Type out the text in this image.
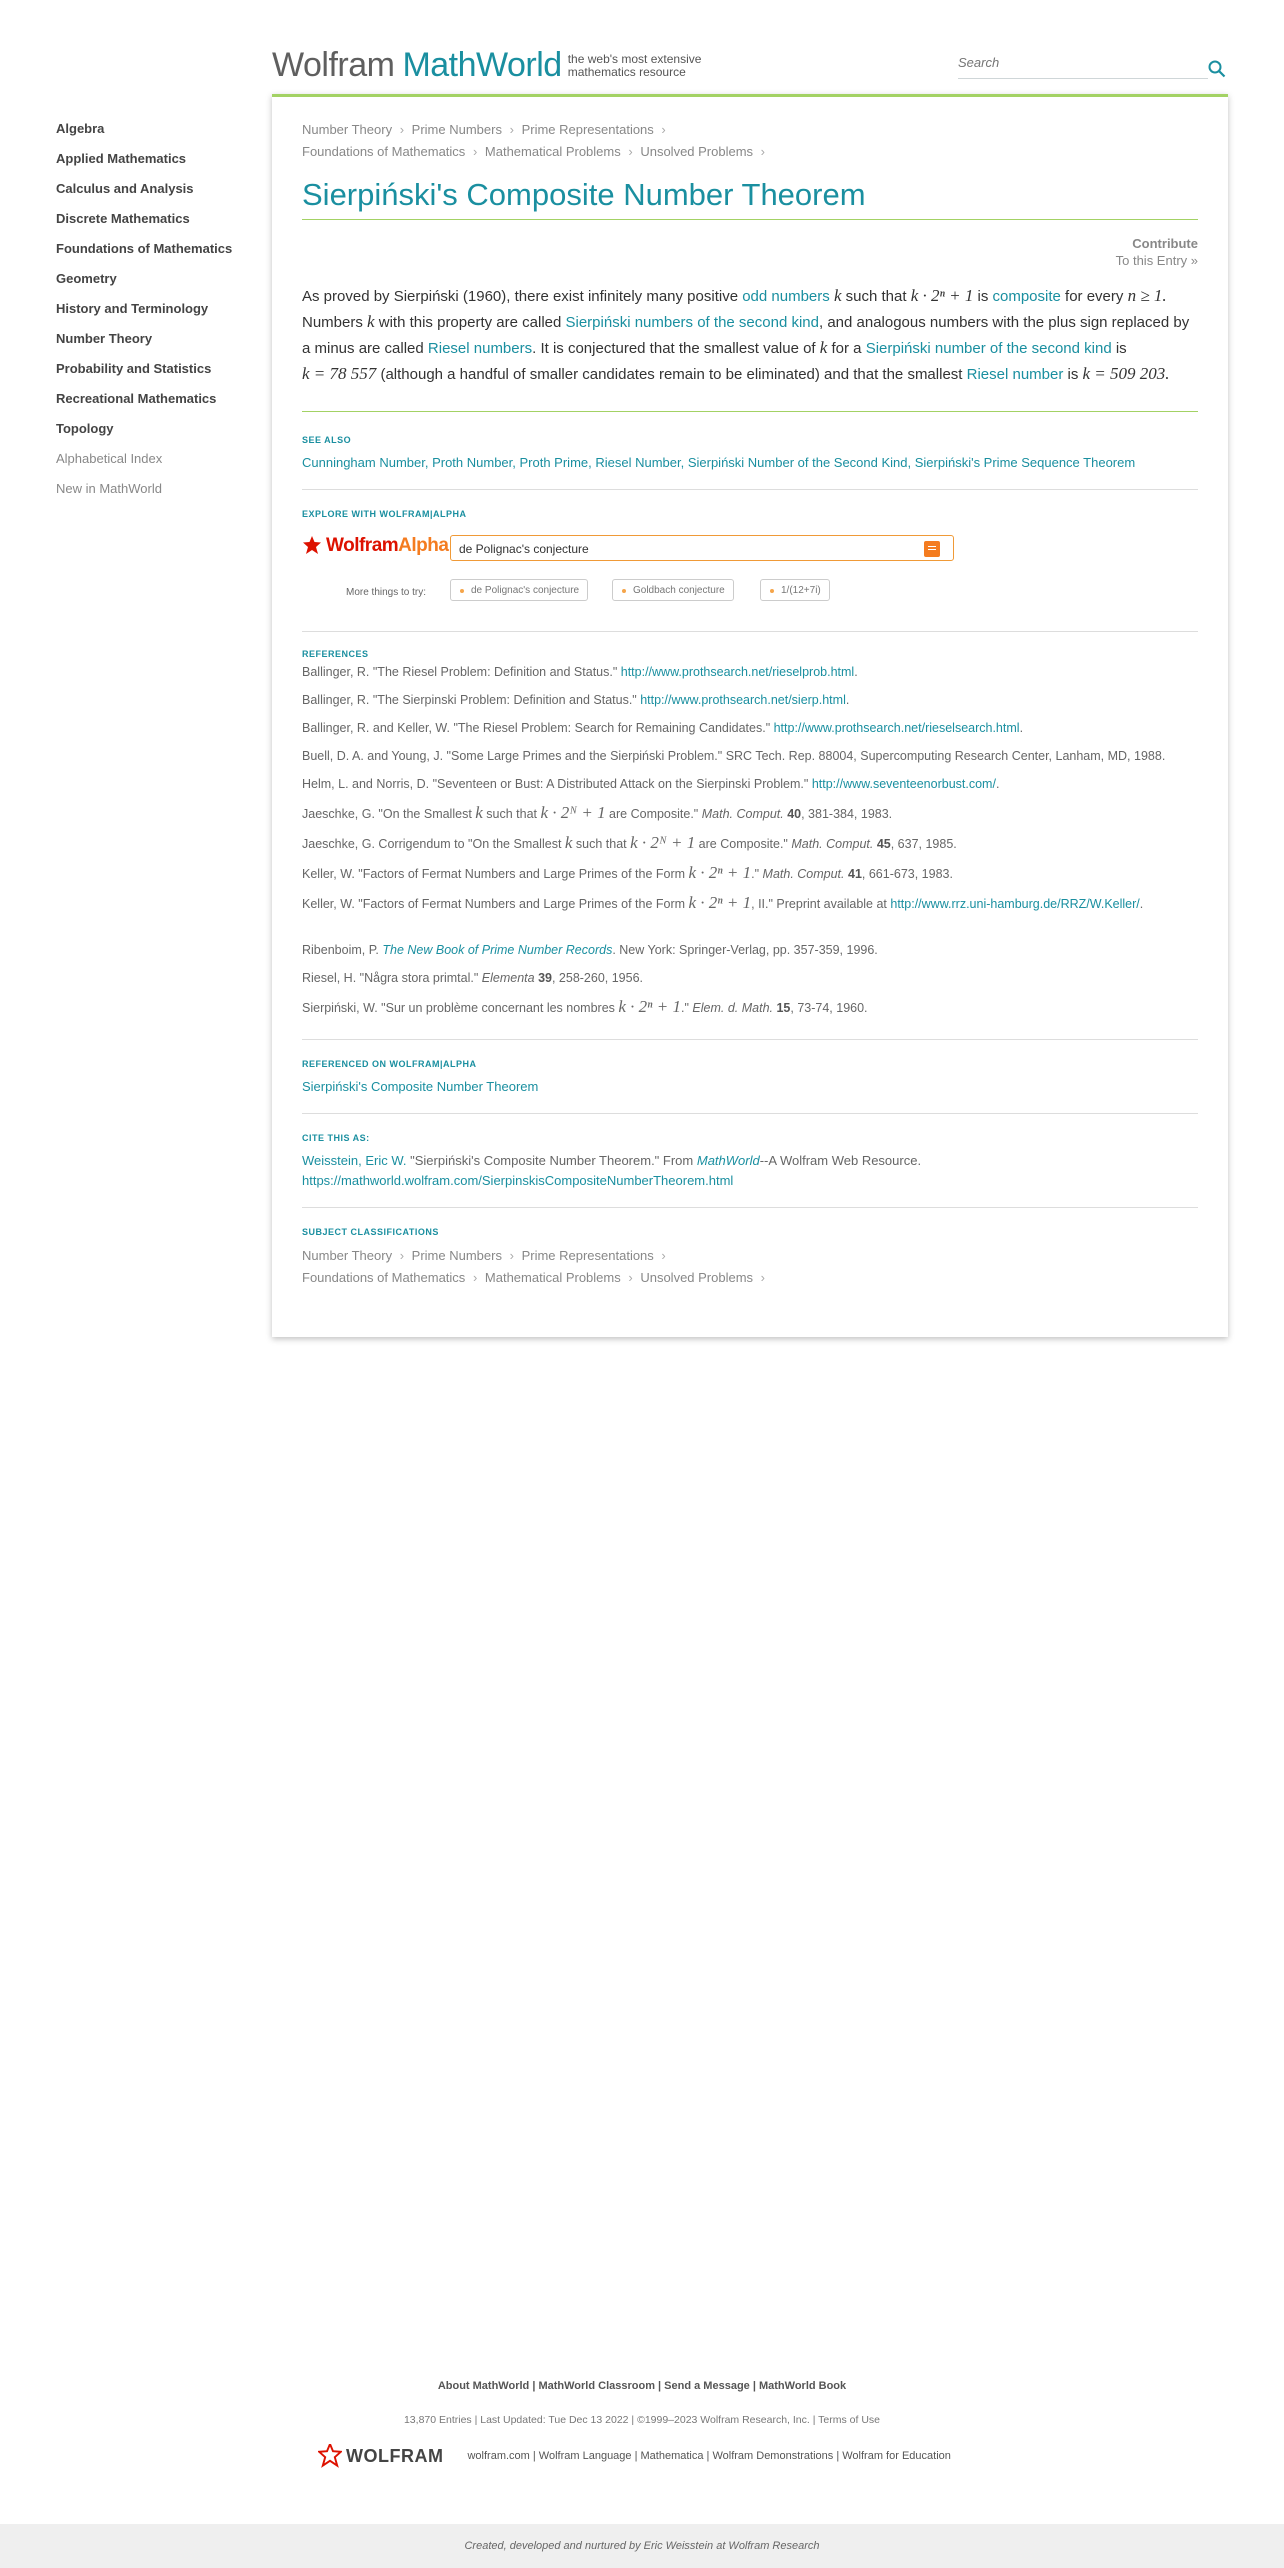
Wolfram MathWorld the web's most extensive mathematics resource
Search
Algebra
Applied Mathematics
Calculus and Analysis
Discrete Mathematics
Foundations of Mathematics
Geometry
History and Terminology
Number Theory
Probability and Statistics
Recreational Mathematics
Topology
Alphabetical Index
New in MathWorld
Number Theory › Prime Numbers › Prime Representations ›
Foundations of Mathematics › Mathematical Problems › Unsolved Problems ›
Sierpiński's Composite Number Theorem
Contribute
To this Entry »
As proved by Sierpiński (1960), there exist infinitely many positive odd numbers k such that k · 2ⁿ + 1 is composite for every n ≥ 1.
Numbers k with this property are called Sierpiński numbers of the second kind, and analogous numbers with the plus sign replaced by a minus are called Riesel numbers. It is conjectured that the smallest value of k for a Sierpiński number of the second kind is
k = 78 557 (although a handful of smaller candidates remain to be eliminated) and that the smallest Riesel number is k = 509 203.
SEE ALSO
Cunningham Number, Proth Number, Proth Prime, Riesel Number, Sierpiński Number of the Second Kind, Sierpiński's Prime Sequence Theorem
EXPLORE WITH WOLFRAM|ALPHA
WolframAlpha de Polignac's conjecture
More things to try:	de Polignac's conjecture	Goldbach conjecture	1/(12+7i)
REFERENCES
Ballinger, R. "The Riesel Problem: Definition and Status." http://www.prothsearch.net/rieselprob.html.
Ballinger, R. "The Sierpinski Problem: Definition and Status." http://www.prothsearch.net/sierp.html.
Ballinger, R. and Keller, W. "The Riesel Problem: Search for Remaining Candidates." http://www.prothsearch.net/rieselsearch.html.
Buell, D. A. and Young, J. "Some Large Primes and the Sierpiński Problem." SRC Tech. Rep. 88004, Supercomputing Research Center, Lanham, MD, 1988.
Helm, L. and Norris, D. "Seventeen or Bust: A Distributed Attack on the Sierpinski Problem." http://www.seventeenorbust.com/.
Jaeschke, G. "On the Smallest k such that k · 2ᴺ + 1 are Composite." Math. Comput. 40, 381-384, 1983.
Jaeschke, G. Corrigendum to "On the Smallest k such that k · 2ᴺ + 1 are Composite." Math. Comput. 45, 637, 1985.
Keller, W. "Factors of Fermat Numbers and Large Primes of the Form k · 2ⁿ + 1." Math. Comput. 41, 661-673, 1983.
Keller, W. "Factors of Fermat Numbers and Large Primes of the Form k · 2ⁿ + 1, II." Preprint available at http://www.rrz.uni-hamburg.de/RRZ/W.Keller/.
Ribenboim, P. The New Book of Prime Number Records. New York: Springer-Verlag, pp. 357-359, 1996.
Riesel, H. "Några stora primtal." Elementa 39, 258-260, 1956.
Sierpiński, W. "Sur un problème concernant les nombres k · 2ⁿ + 1." Elem. d. Math. 15, 73-74, 1960.
REFERENCED ON WOLFRAM|ALPHA
Sierpiński's Composite Number Theorem
CITE THIS AS:
Weisstein, Eric W. "Sierpiński's Composite Number Theorem." From MathWorld--A Wolfram Web Resource.
https://mathworld.wolfram.com/SierpinskisCompositeNumberTheorem.html
SUBJECT CLASSIFICATIONS
Number Theory › Prime Numbers › Prime Representations ›
Foundations of Mathematics › Mathematical Problems › Unsolved Problems ›
About MathWorld | MathWorld Classroom | Send a Message | MathWorld Book
13,870 Entries | Last Updated: Tue Dec 13 2022 | ©1999–2023 Wolfram Research, Inc. | Terms of Use
WOLFRAM wolfram.com | Wolfram Language | Mathematica | Wolfram Demonstrations | Wolfram for Education
Created, developed and nurtured by Eric Weisstein at Wolfram Research
